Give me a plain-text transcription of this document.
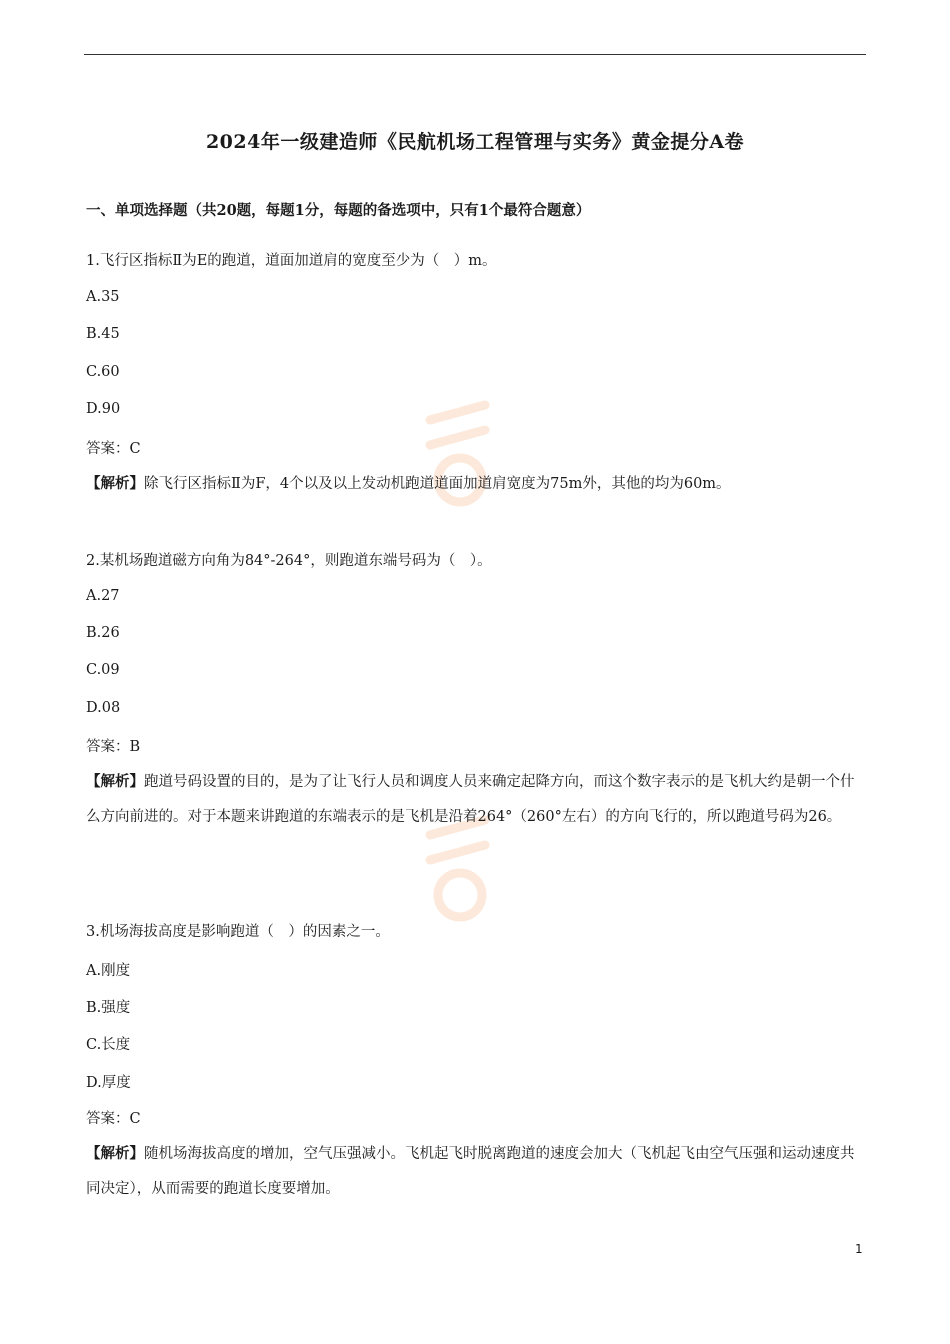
2024年一级建造师《民航机场工程管理与实务》黄金提分A卷
一、单项选择题（共20题，每题1分，每题的备选项中，只有1个最符合题意）
1.飞行区指标Ⅱ为E的跑道，道面加道肩的宽度至少为（　）m。
A.35
B.45
C.60
D.90
答案：C
【解析】除飞行区指标Ⅱ为F，4个以及以上发动机跑道道面加道肩宽度为75m外，其他的均为60m。
2.某机场跑道磁方向角为84°-264°，则跑道东端号码为（　）。
A.27
B.26
C.09
D.08
答案：B
【解析】跑道号码设置的目的，是为了让飞行人员和调度人员来确定起降方向，而这个数字表示的是飞机大约是朝一个什么方向前进的。对于本题来讲跑道的东端表示的是飞机是沿着264°（260°左右）的方向飞行的，所以跑道号码为26。
3.机场海拔高度是影响跑道（　）的因素之一。
A.刚度
B.强度
C.长度
D.厚度
答案：C
【解析】随机场海拔高度的增加，空气压强减小。飞机起飞时脱离跑道的速度会加大（飞机起飞由空气压强和运动速度共同决定），从而需要的跑道长度要增加。
1
